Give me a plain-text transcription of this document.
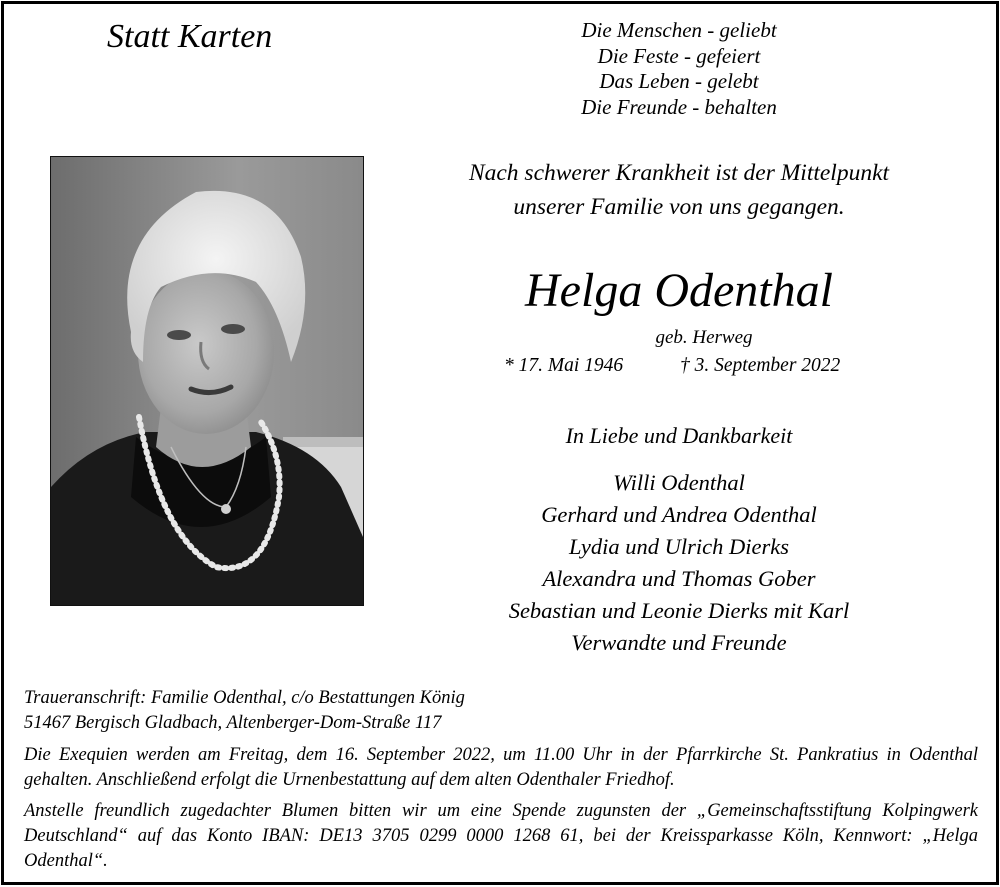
Statt Karten	Die Menschen - geliebt
Die Feste - gefeiert
Das Leben - gelebt
Die Freunde - behalten
Nach schwerer Krankheit ist der Mittelpunkt
unserer Familie von uns gegangen.
Helga Odenthal
geb. Herweg
* 17. Mai 1946	† 3. September 2022
In Liebe und Dankbarkeit
Willi Odenthal
Gerhard und Andrea Odenthal
Lydia und Ulrich Dierks
Alexandra und Thomas Gober
Sebastian und Leonie Dierks mit Karl
Verwandte und Freunde
Traueranschrift: Familie Odenthal, c/o Bestattungen König
51467 Bergisch Gladbach, Altenberger-Dom-Straße 117
Die Exequien werden am Freitag, dem 16. September 2022, um 11.00 Uhr in der Pfarrkirche St. Pankratius in Odenthal gehalten. Anschließend erfolgt die Urnenbestattung auf dem alten Odenthaler Friedhof.
Anstelle freundlich zugedachter Blumen bitten wir um eine Spende zugunsten der „Gemeinschaftsstiftung Kolpingwerk Deutschland“ auf das Konto IBAN: DE13 3705 0299 0000 1268 61, bei der Kreissparkasse Köln, Kennwort: „Helga Odenthal“.
